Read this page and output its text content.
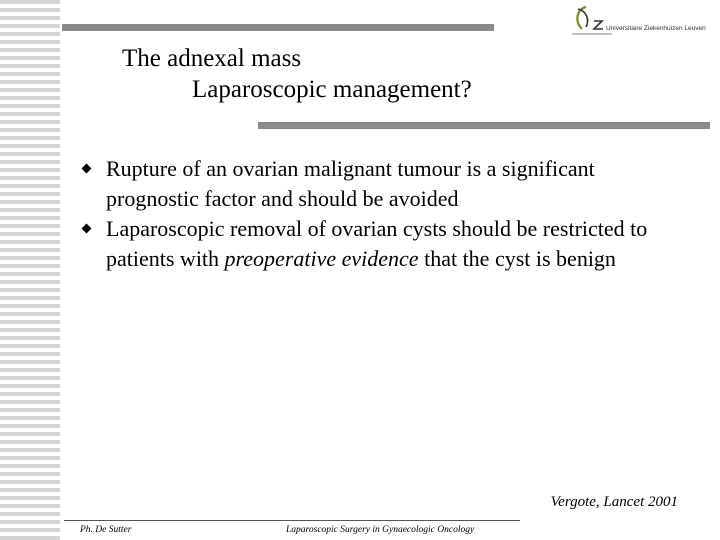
Universitaire Ziekenhuizen Leuven
The adnexal mass
Laparoscopic management?
Rupture of an ovarian malignant tumour is a significant prognostic factor and should be avoided
Laparoscopic removal of ovarian cysts should be restricted to patients with preoperative evidence that the cyst is benign
Vergote, Lancet 2001
Ph. De Sutter	Laparoscopic Surgery in Gynaecologic Oncology
